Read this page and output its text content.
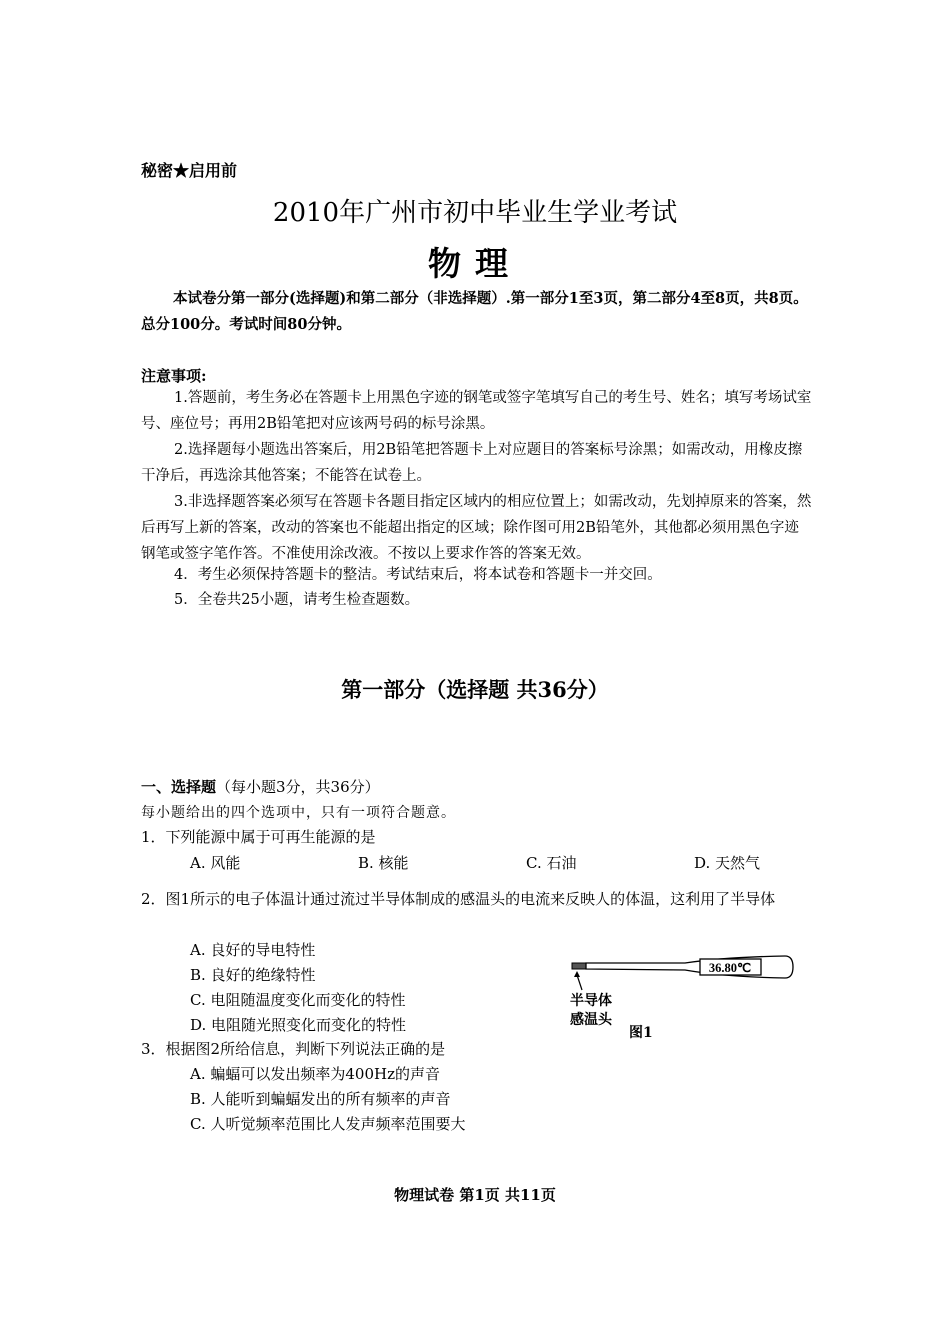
秘密★启用前
2010年广州市初中毕业生学业考试
物理
本试卷分第一部分(选择题)和第二部分（非选择题）.第一部分1至3页，第二部分4至8页，共8页。总分100分。考试时间80分钟。
注意事项:
1.答题前，考生务必在答题卡上用黑色字迹的钢笔或签字笔填写自己的考生号、姓名；填写考场试室号、座位号；再用2B铅笔把对应该两号码的标号涂黑。
2.选择题每小题选出答案后，用2B铅笔把答题卡上对应题目的答案标号涂黑；如需改动，用橡皮擦干净后，再选涂其他答案；不能答在试卷上。
3.非选择题答案必须写在答题卡各题目指定区域内的相应位置上；如需改动，先划掉原来的答案，然后再写上新的答案，改动的答案也不能超出指定的区域；除作图可用2B铅笔外，其他都必须用黑色字迹钢笔或签字笔作答。不准使用涂改液。不按以上要求作答的答案无效。
4．考生必须保持答题卡的整洁。考试结束后，将本试卷和答题卡一并交回。
5．全卷共25小题，请考生检查题数。
第一部分（选择题 共36分）
一、选择题（每小题3分，共36分）
每小题给出的四个选项中，只有一项符合题意。
1．下列能源中属于可再生能源的是
A. 风能	B. 核能	C. 石油	D. 天然气
2．图1所示的电子体温计通过流过半导体制成的感温头的电流来反映人的体温，这利用了半导体
A. 良好的导电特性
B. 良好的绝缘特性
C. 电阻随温度变化而变化的特性
D. 电阻随光照变化而变化的特性
36.80℃
半导体
感温头
图1
3．根据图2所给信息，判断下列说法正确的是
A. 蝙蝠可以发出频率为400Hz的声音
B. 人能听到蝙蝠发出的所有频率的声音
C. 人听觉频率范围比人发声频率范围要大
物理试卷 第1页 共11页
